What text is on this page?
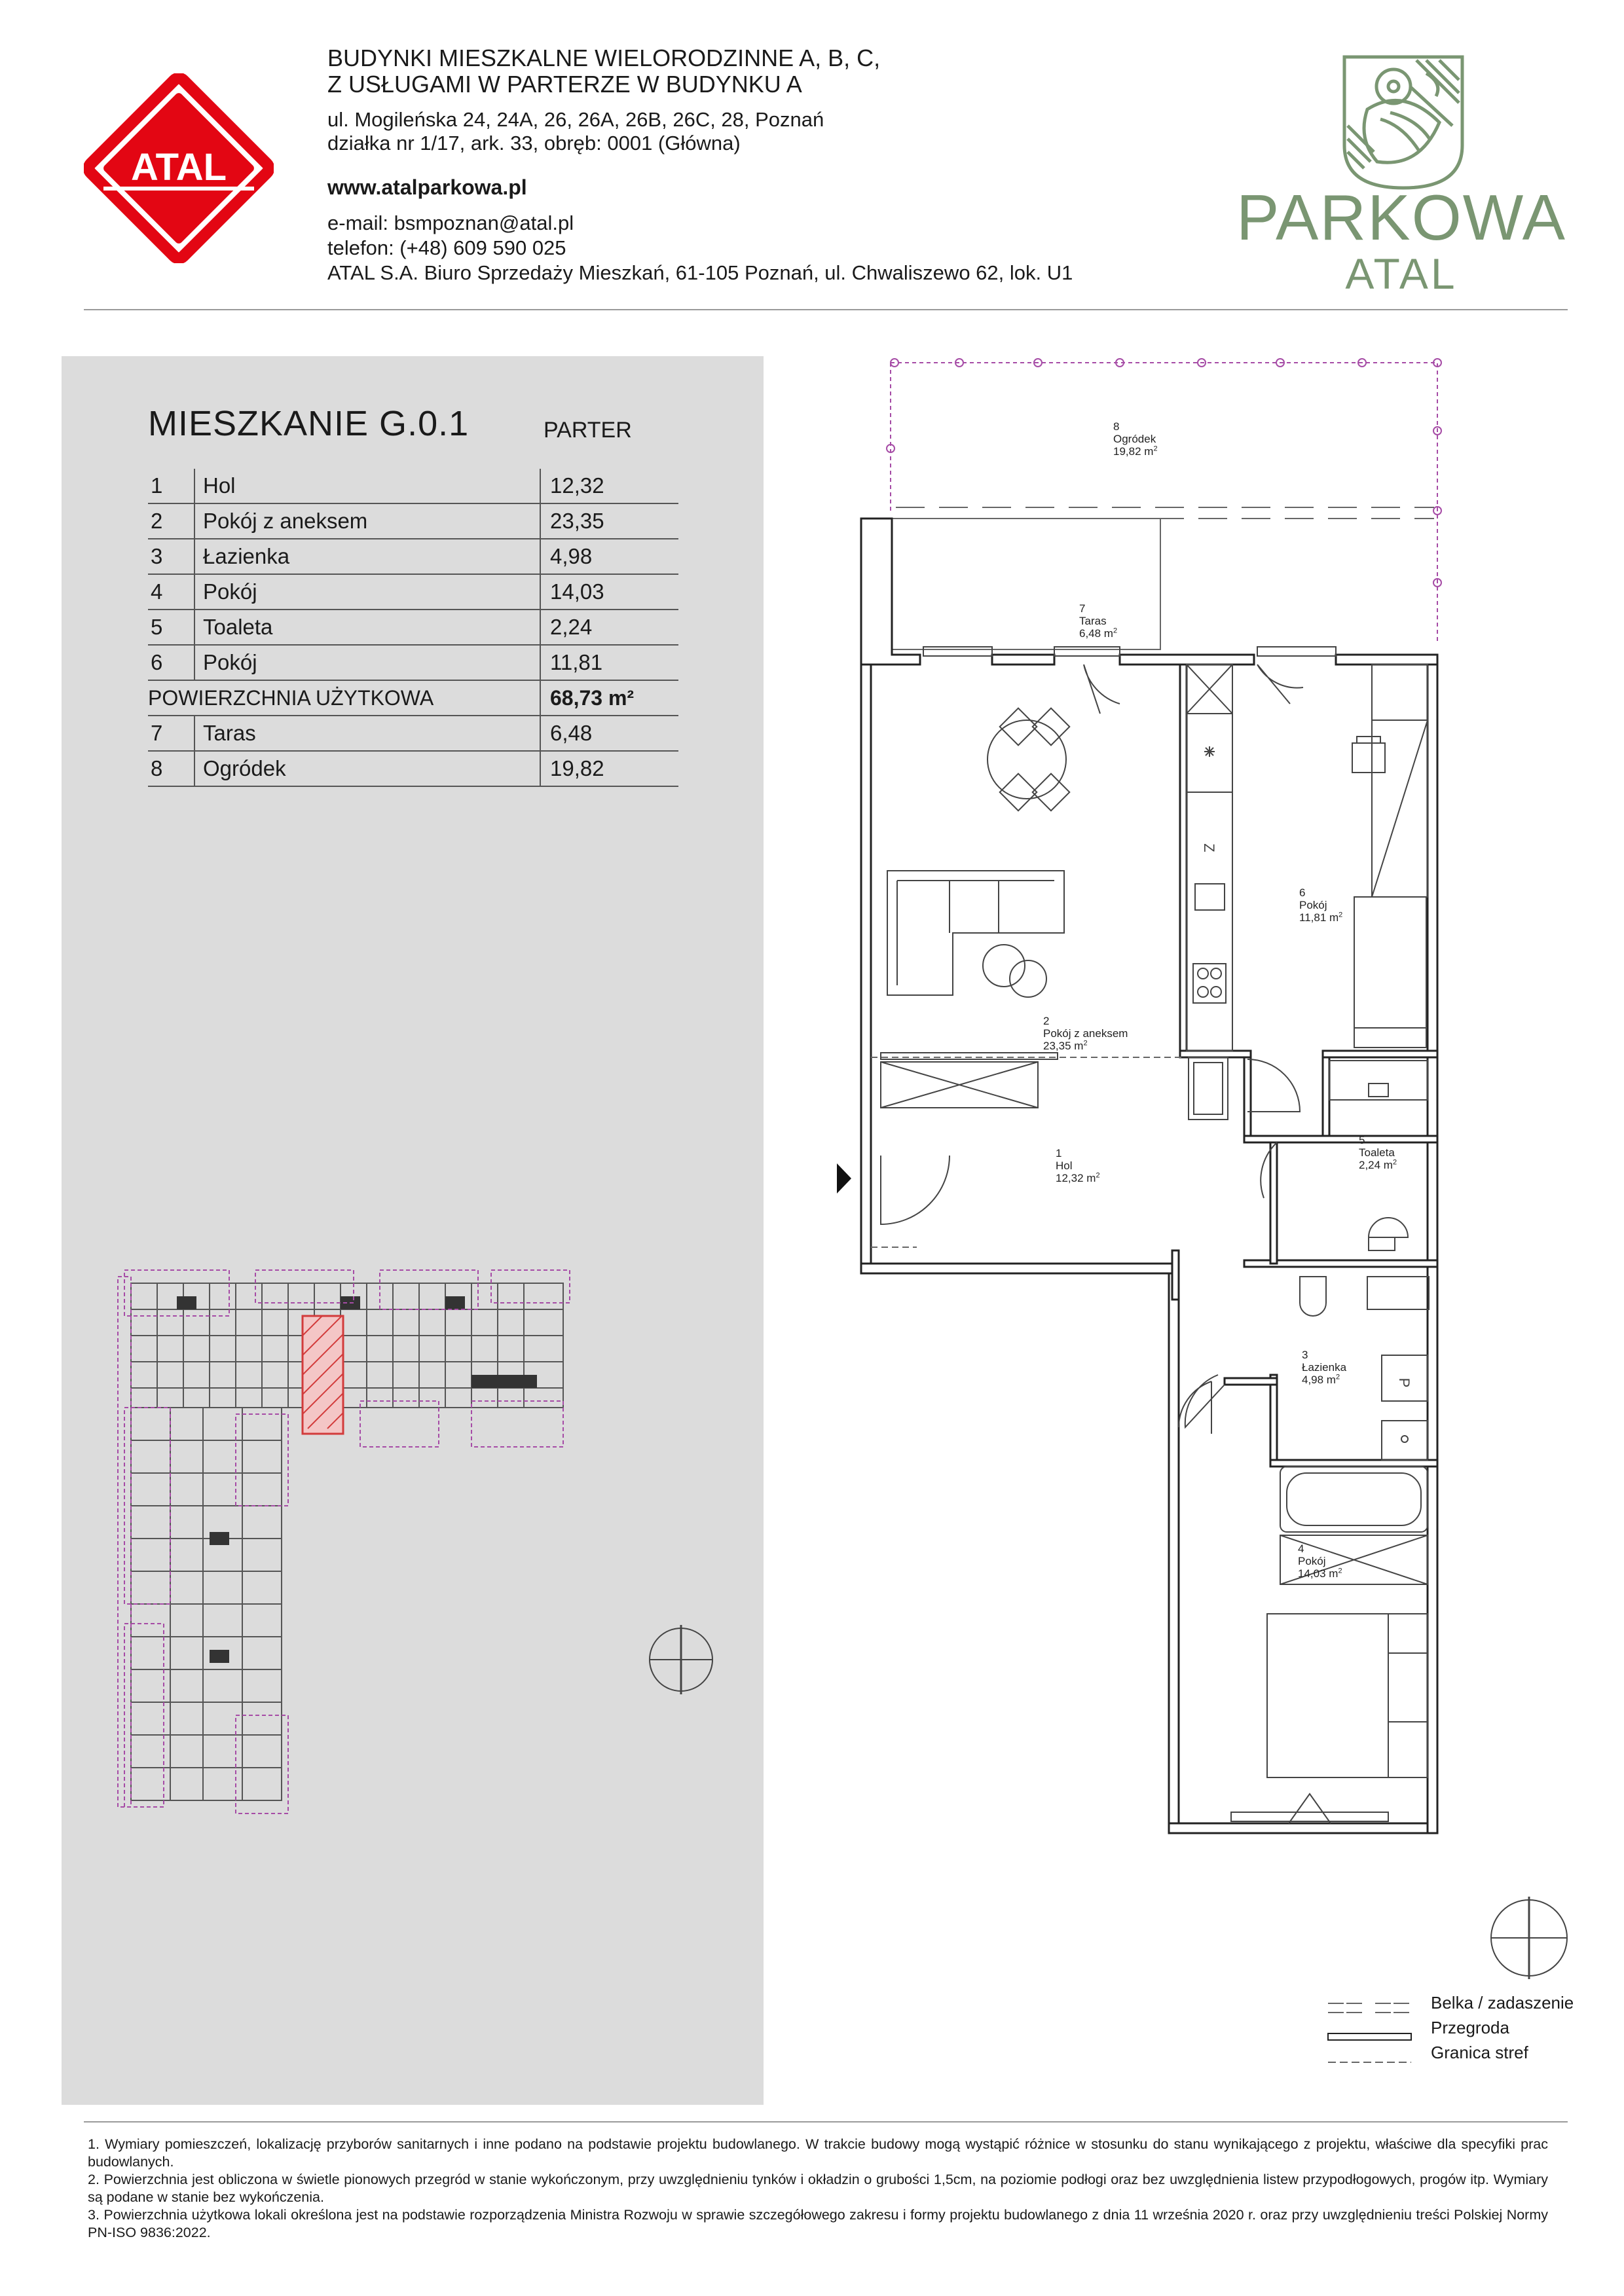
ATAL
BUDYNKI MIESZKALNE WIELORODZINNE A, B, C,
Z USŁUGAMI W PARTERZE W BUDYNKU A
ul. Mogileńska 24, 24A, 26, 26A, 26B, 26C, 28, Poznań
działka nr 1/17, ark. 33, obręb: 0001 (Główna)
www.atalparkowa.pl
e-mail: bsmpoznan@atal.pl
telefon: (+48) 609 590 025
ATAL S.A. Biuro Sprzedaży Mieszkań, 61-105 Poznań, ul. Chwaliszewo 62, lok. U1
PARKOWA
ATAL
MIESZKANIE G.0.1	PARTER
1	Hol	12,32
2	Pokój z aneksem	23,35
3	Łazienka	4,98
4	Pokój	14,03
5	Toaleta	2,24
6	Pokój	11,81
POWIERZCHNIA UŻYTKOWA		68,73 m²
7	Taras	6,48
8	Ogródek	19,82
Z
P
8
Ogródek
19,82 $m^2$
7
Taras
6,48 $m^2$
2
Pokój z aneksem
23,35 $m^2$
6
Pokój
11,81 $m^2$
1
Hol
12,32 $m^2$
5
Toaleta
2,24 $m^2$
3
Łazienka
4,98 $m^2$
4
Pokój
14,03 $m^2$
Belka / zadaszenie
Przegroda
Granica stref

1. Wymiary pomieszczeń, lokalizację przyborów sanitarnych i inne podano na podstawie projektu budowlanego. W trakcie budowy mogą wystąpić różnice w stosunku do stanu wynikającego z projektu, właściwe dla specyfiki prac budowlanych.

2. Powierzchnia jest obliczona w świetle pionowych przegród w stanie wykończonym, przy uwzględnieniu tynków i okładzin o grubości 1,5cm, na poziomie podłogi oraz bez uwzględnienia listew przypodłogowych, progów itp. Wymiary są podane w stanie bez wykończenia.

3. Powierzchnia użytkowa lokali określona jest na podstawie rozporządzenia Ministra Rozwoju w sprawie szczegółowego zakresu i formy projektu budowlanego z dnia 11 września 2020 r. oraz przy uwzględnieniu treści Polskiej Normy PN-ISO 9836:2022.
